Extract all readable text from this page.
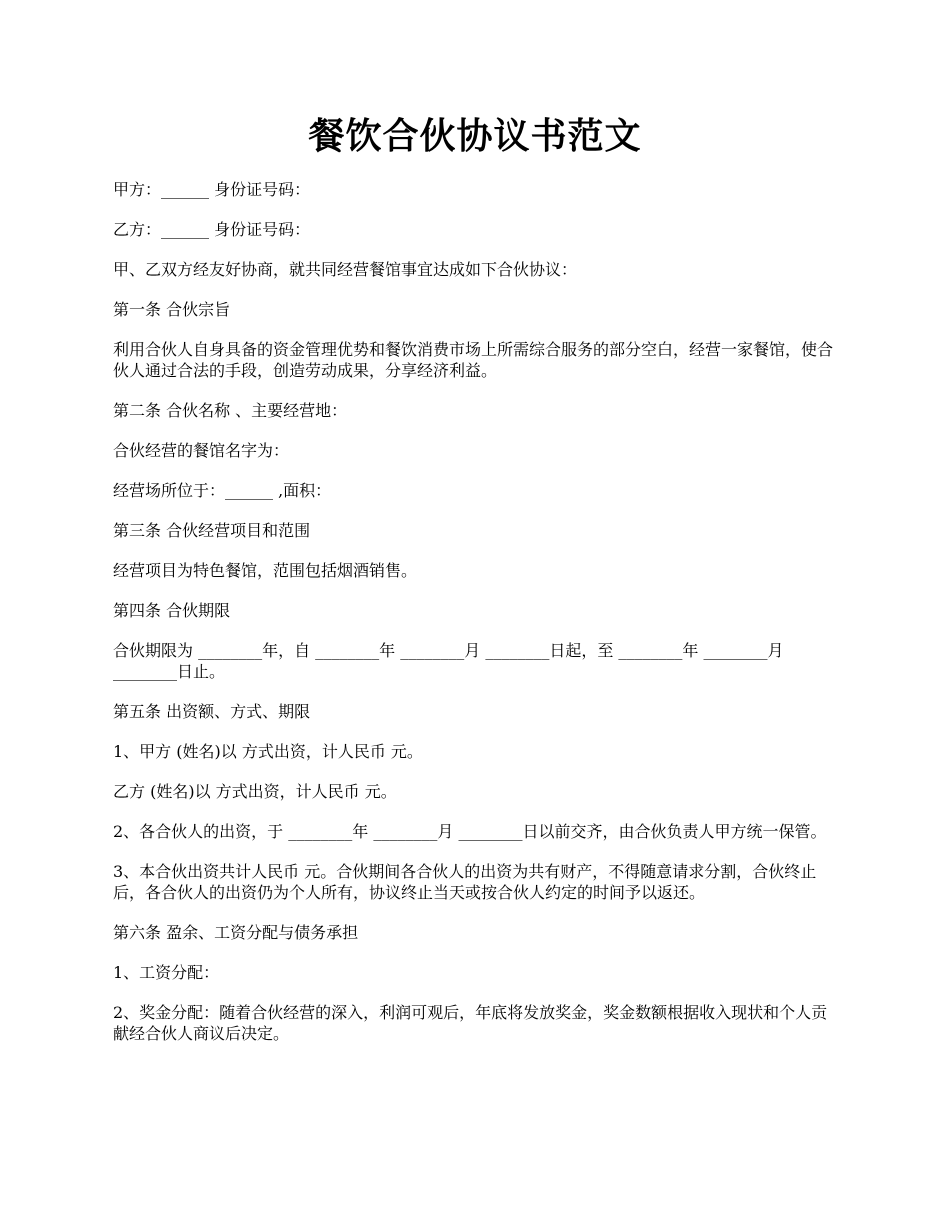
餐饮合伙协议书范文

甲方：______ 身份证号码：

乙方：______ 身份证号码：

甲、乙双方经友好协商，就共同经营餐馆事宜达成如下合伙协议：

第一条 合伙宗旨

利用合伙人自身具备的资金管理优势和餐饮消费市场上所需综合服务的部分空白，经营一家餐馆，使合伙人通过合法的手段，创造劳动成果，分享经济利益。

第二条 合伙名称 、主要经营地：

合伙经营的餐馆名字为：

经营场所位于：______ ,面积：

第三条 合伙经营项目和范围

经营项目为特色餐馆，范围包括烟酒销售。

第四条 合伙期限

合伙期限为 ________年，自 ________年 ________月 ________日起，至 ________年 ________月 ________日止。

第五条 出资额、方式、期限

1、甲方 (姓名)以 方式出资，计人民币 元。

乙方 (姓名)以 方式出资，计人民币 元。

2、各合伙人的出资，于 ________年 ________月 ________日以前交齐，由合伙负责人甲方统一保管。

3、本合伙出资共计人民币 元。合伙期间各合伙人的出资为共有财产，不得随意请求分割，合伙终止后，各合伙人的出资仍为个人所有，协议终止当天或按合伙人约定的时间予以返还。

第六条 盈余、工资分配与债务承担

1、工资分配：

2、奖金分配：随着合伙经营的深入，利润可观后，年底将发放奖金，奖金数额根据收入现状和个人贡献经合伙人商议后决定。
